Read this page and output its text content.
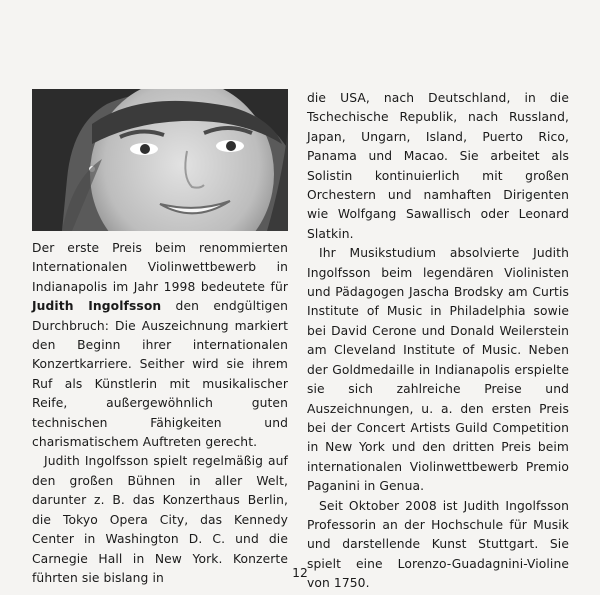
Der erste Preis beim renommierten Internationalen Violinwettbewerb in Indianapolis im Jahr 1998 bedeutete für Judith Ingolfsson den endgültigen Durchbruch: Die Auszeichnung markiert den Beginn ihrer internationalen Konzertkarriere. Seither wird sie ihrem Ruf als Künstlerin mit musikalischer Reife, außergewöhnlich guten technischen Fähigkeiten und charismatischem Auftreten gerecht.

Judith Ingolfsson spielt regelmäßig auf den großen Bühnen in aller Welt, darunter z. B. das Konzerthaus Berlin, die Tokyo Opera City, das Kennedy Center in Washington D. C. und die Carnegie Hall in New York. Konzerte führten sie bislang in

die USA, nach Deutschland, in die Tschechische Republik, nach Russland, Japan, Ungarn, Island, Puerto Rico, Panama und Macao. Sie arbeitet als Solistin kontinuierlich mit großen Orchestern und namhaften Dirigenten wie Wolfgang Sawallisch oder Leonard Slatkin.

Ihr Musikstudium absolvierte Judith Ingolfsson beim legendären Violinisten und Pädagogen Jascha Brodsky am Curtis Institute of Music in Philadelphia sowie bei David Cerone und Donald Weilerstein am Cleveland Institute of Music. Neben der Goldmedaille in Indianapolis erspielte sie sich zahlreiche Preise und Auszeichnungen, u. a. den ersten Preis bei der Concert Artists Guild Competition in New York und den dritten Preis beim internationalen Violinwettbewerb Premio Paganini in Genua.

Seit Oktober 2008 ist Judith Ingolfsson Professorin an der Hochschule für Musik und darstellende Kunst Stuttgart. Sie spielt eine Lorenzo-Guadagnini-Violine von 1750.

12
